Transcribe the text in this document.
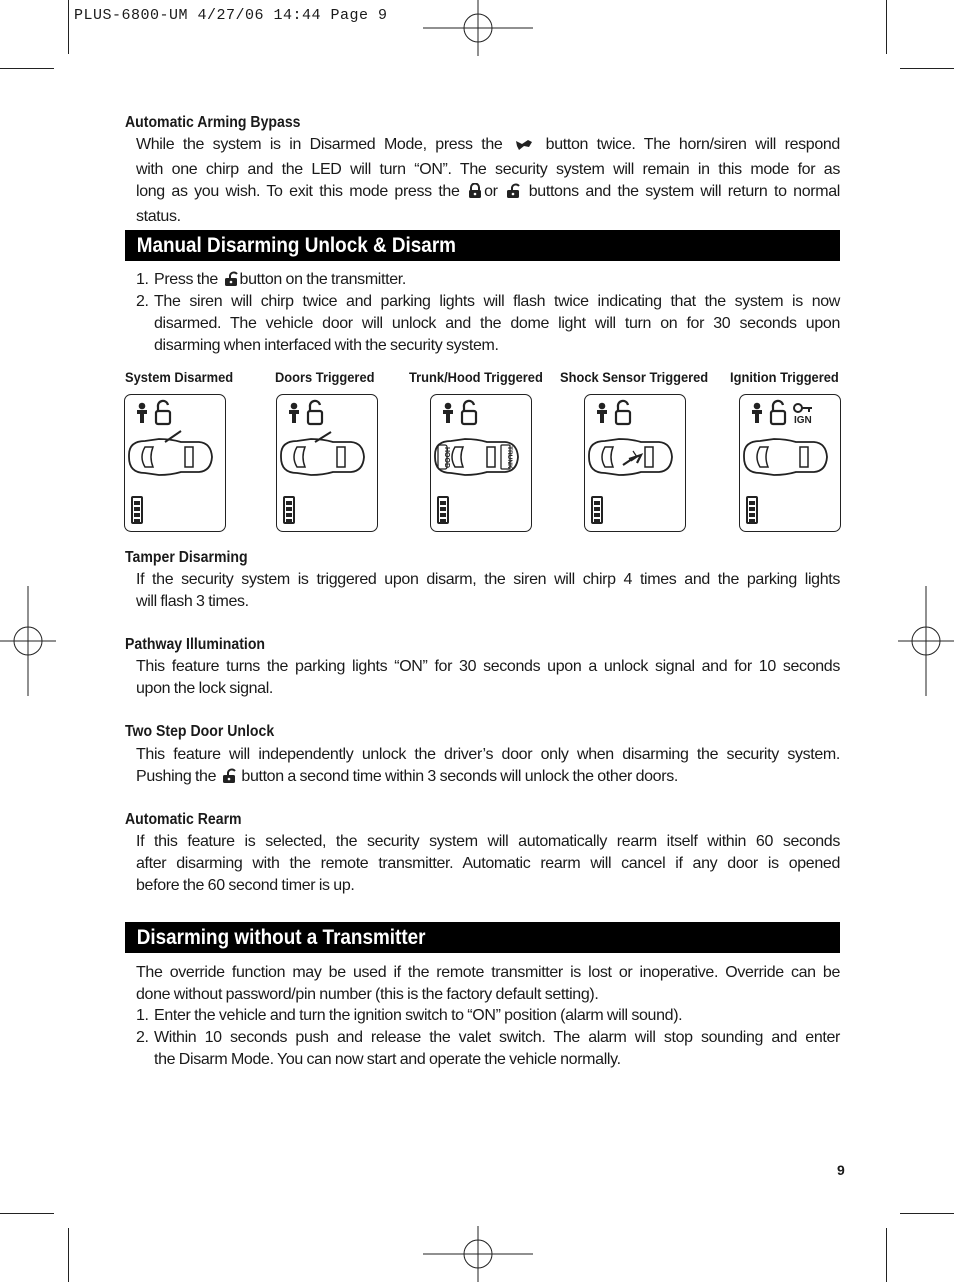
PLUS-6800-UM 4/27/06 14:44 Page 9
Automatic Arming Bypass
While the system is in Disarmed Mode, press the	button twice. The horn/siren will respond
with one chirp and the LED will turn “ON”. The security system will remain in this mode for as
long as you wish. To exit this mode press the or buttons and the system will return to normal
status.
Manual Disarming Unlock & Disarm
1. Press the button on the transmitter.
2. The siren will chirp twice and parking lights will flash twice indicating that the system is now
disarmed. The vehicle door will unlock and the dome light will turn on for 30 seconds upon
disarming when interfaced with the security system.
System Disarmed	Doors Triggered Trunk/Hood Triggered Shock Sensor Triggered Ignition Triggered
HOOD	TRUNK
IGN
Tamper Disarming
If the security system is triggered upon disarm, the siren will chirp 4 times and the parking lights
will flash 3 times.
Pathway Illumination
This feature turns the parking lights “ON” for 30 seconds upon a unlock signal and for 10 seconds
upon the lock signal.
Two Step Door Unlock
This feature will independently unlock the driver’s door only when disarming the security system.
Pushing the button a second time within 3 seconds will unlock the other doors.
Automatic Rearm
If this feature is selected, the security system will automatically rearm itself within 60 seconds
after disarming with the remote transmitter. Automatic rearm will cancel if any door is opened
before the 60 second timer is up.
Disarming without a Transmitter
The override function may be used if the remote transmitter is lost or inoperative. Override can be
done without password/pin number (this is the factory default setting).
1. Enter the vehicle and turn the ignition switch to “ON” position (alarm will sound).
2. Within 10 seconds push and release the valet switch. The alarm will stop sounding and enter
the Disarm Mode. You can now start and operate the vehicle normally.
9
